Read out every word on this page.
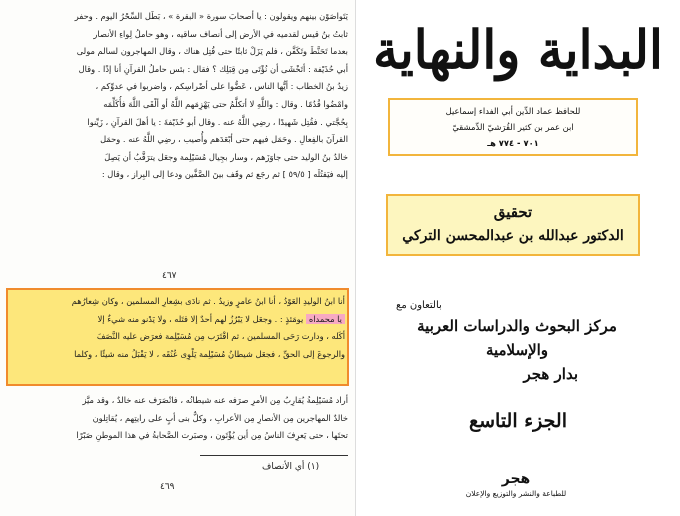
يَتَواصَوْن بينهم ويقولون : يا أصحابَ سورة « البقرة » ، بَطَل السِّحْرُ اليوم . وحفر
ثابتُ بنُ قيس لقدميه في الأرض إلى أنصاف ساقيه ، وهو حاملُ لِواءِ الأنصار
بعدما تَحَنَّطَ وتَكَفَّن ، فلم يَزَلْ ثابتًا حتى قُتِل هناك ، وقال المهاجرون لسالم مولى
أبي حُذَيْفة : أتَخْشَى أن نُؤْتَى مِن قِبَلِك ؟ فقال : بئس حاملُ القرآنِ أنا إذًا . وقال
زيدُ بنُ الخطاب : أيُّها الناس ، عَضُّوا على أضْراسِكم ، واضربوا في عدوِّكم ،
وامْضُوا قُدُمًا . وقال : واللَّهِ لا أتكلَّمُ حتى يَهْزِمَهم اللَّهُ أو ألْقَى اللَّهَ فأُكَلِّمَه
بِحُجَّتي . فقُتِل شَهيدًا ، رضِي اللَّهُ عنه . وقال أبو حُذَيْفةَ : يا أهلَ القرآنِ ، زَيِّنوا
القرآنَ بالفِعالِ . وحَمَل فيهم حتى أبْعَدَهم وأُصيب ، رضِي اللَّهُ عنه . وحمَل
خالدُ بنُ الوليد حتى جاوَزَهم ، وسار بجِيال مُسَيْلِمة وجعَل يترَقَّبُ أن يَصِلَ
إليه فيَقتُلَه [ ٥٩/٥ ] ثم رجَع ثم وقَف بينَ الصَّفَّين ودعا إلى البِراز ، وقال :
٤٦٧
أنا ابنُ الوليدِ العَوْدُ ، أنا ابنُ عامرٍ وزيدُ . ثم نادَى بشِعارِ المسلمين ، وكان شِعارُهم
يا محمداه يومَئذٍ : . وجعَل لا يَبْرُزُ لهم أحدٌ إلا قتَله ، ولا يَدْنو منه شيءٌ إلا
أكَله ، ودارت رَحَى المسلمين ، ثم اقْتَرَب مِن مُسَيْلِمة فعرَض عليه النَّصَفَ
والرجوعَ إلى الحقِّ ، فجعَل شيطانُ مُسَيْلِمة يَلْوِى عُنُقَه ، لا يَقْبَلُ منه شيئًا ، وكلما
أراد مُسَيْلِمةُ يُقارِبُ مِن الأمرِ صرَفه عنه شيطانُه ، فانْصَرَف عنه خالدٌ ، وقد ميَّز
خالدٌ المهاجرين مِن الأنصارِ مِن الأعرابِ ، وكلٌّ بنى أبٍ على رايتِهم ، يُقاتِلون
تحتَها ، حتى يَعرِفَ الناسُ مِن أين يُؤْتَون ، وصبَرت الصَّحابةُ في هذا الموطنِ صَبْرًا
(١) أي الأنصاف
٤٦٩
البداية والنهاية
للحافظ عماد الدِّين أبي الفداء إسماعيل
ابن عمر بن كثير القُرَشيّ الدِّمشقيّ
٧٠١ - ٧٧٤ هـ
تحقيق
الدكتور عبدالله بن عبدالمحسن التركي
بالتعاون مع
مركز البحوث والدراسات العربية والإسلامية
بدار هجر
الجزء التاسع
هجر
للطباعة والنشر والتوزيع والإعلان
